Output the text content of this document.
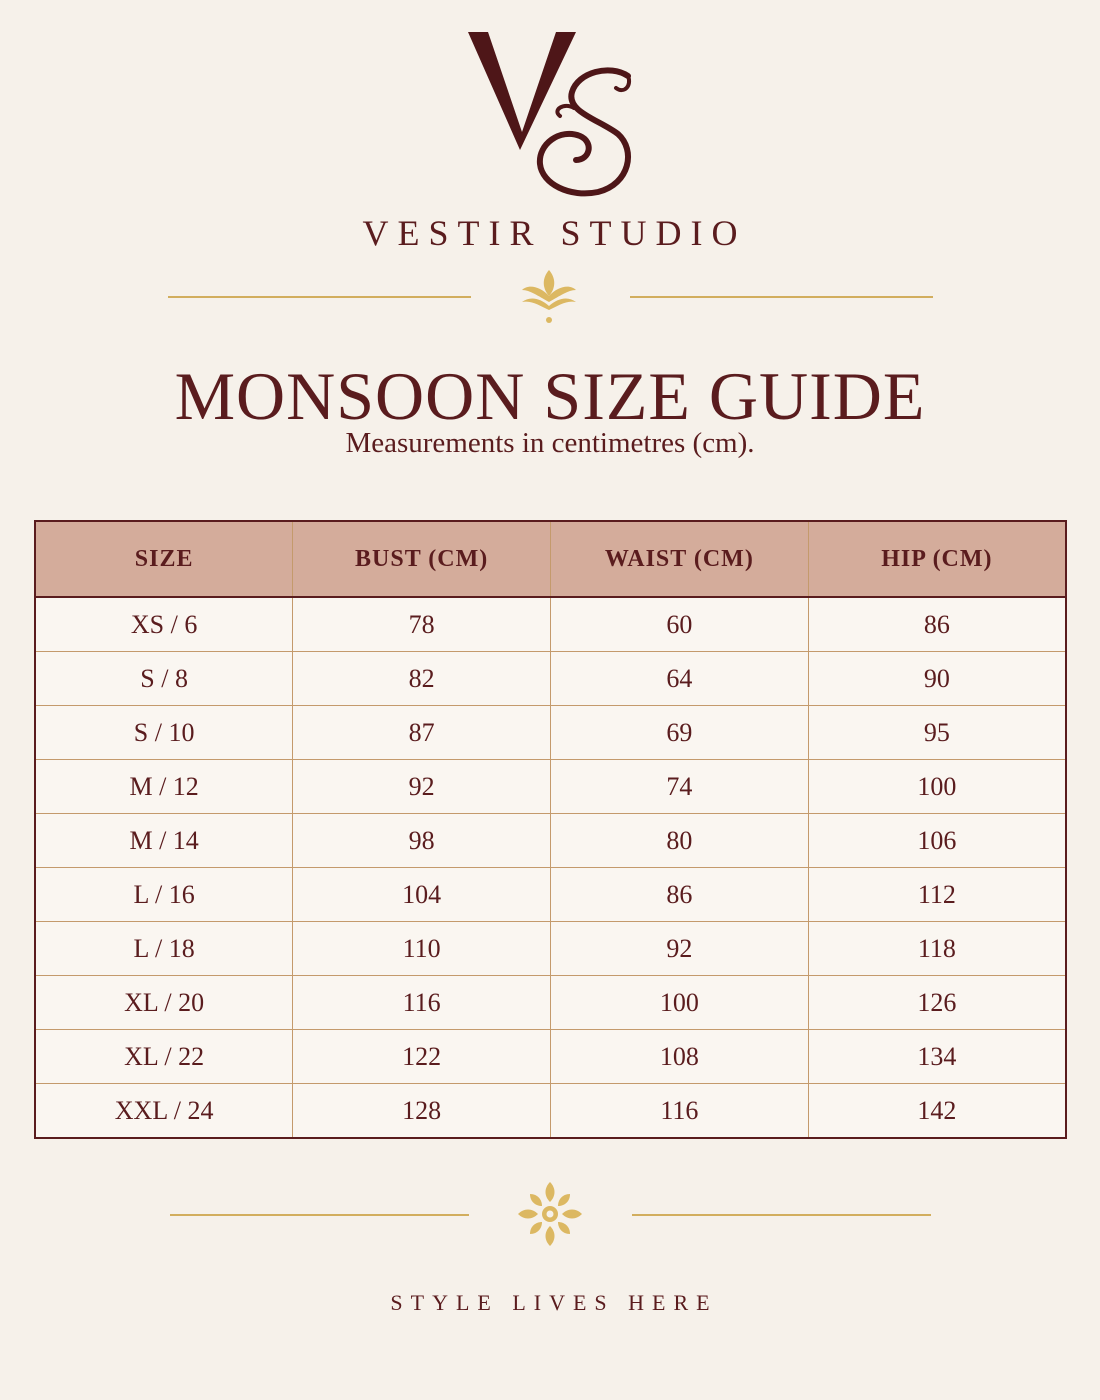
VESTIR STUDIO
MONSOON SIZE GUIDE
Measurements in centimetres (cm).
SIZE	BUST (CM)	WAIST (CM)	HIP (CM)
XS / 6	78	60	86
S / 8	82	64	90
S / 10	87	69	95
M / 12	92	74	100
M / 14	98	80	106
L / 16	104	86	112
L / 18	110	92	118
XL / 20	116	100	126
XL / 22	122	108	134
XXL / 24	128	116	142
STYLE LIVES HERE
